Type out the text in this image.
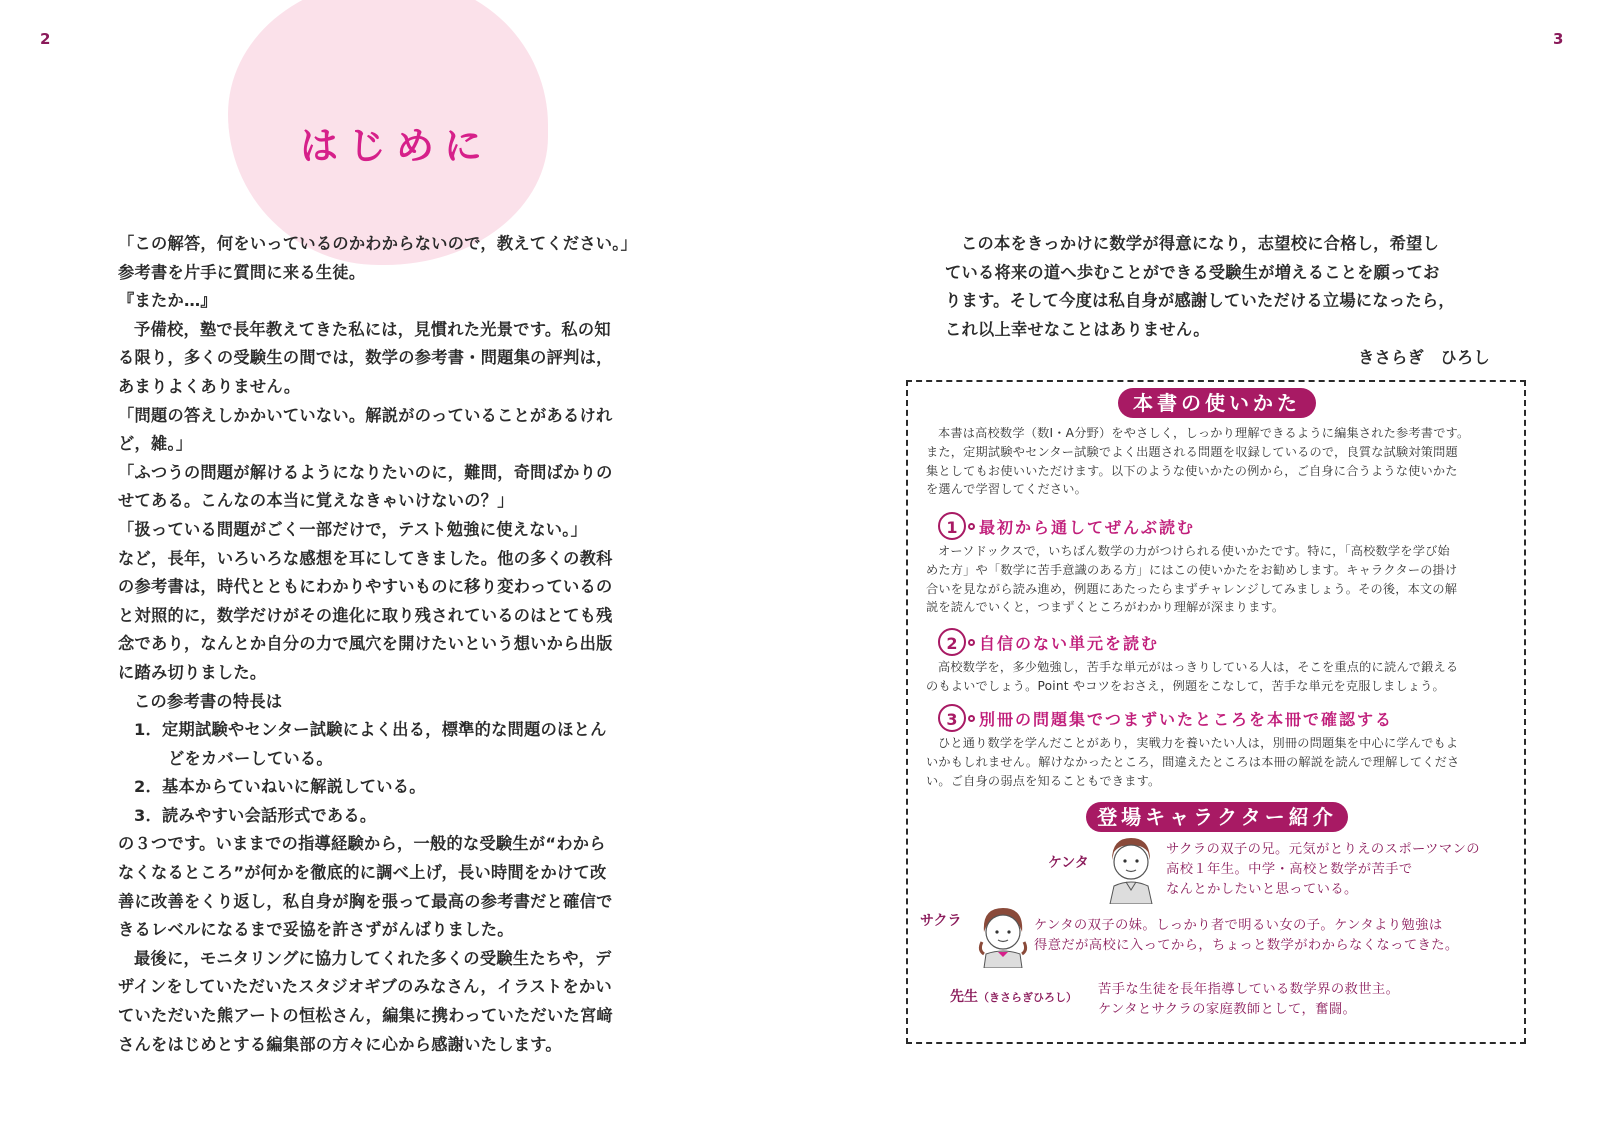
2	3
はじめに

「この解答，何をいっているのかわからないので，教えてください。」

参考書を片手に質問に来る生徒。

『またか…』

予備校，塾で長年教えてきた私には，見慣れた光景です。私の知

る限り，多くの受験生の間では，数学の参考書・問題集の評判は，

あまりよくありません。

「問題の答えしかかいていない。解説がのっていることがあるけれ

ど，雑。」

「ふつうの問題が解けるようになりたいのに，難問，奇問ばかりの

せてある。こんなの本当に覚えなきゃいけないの？」

「扱っている問題がごく一部だけで，テスト勉強に使えない。」

など，長年，いろいろな感想を耳にしてきました。他の多くの教科

の参考書は，時代とともにわかりやすいものに移り変わっているの

と対照的に，数学だけがその進化に取り残されているのはとても残

念であり，なんとか自分の力で風穴を開けたいという想いから出版

に踏み切りました。

この参考書の特長は

1．定期試験やセンター試験によく出る，標準的な問題のほとん

どをカバーしている。

2．基本からていねいに解説している。

3．読みやすい会話形式である。

の３つです。いままでの指導経験から，一般的な受験生が“わから

なくなるところ”が何かを徹底的に調べ上げ，長い時間をかけて改

善に改善をくり返し，私自身が胸を張って最高の参考書だと確信で

きるレベルになるまで妥協を許さずがんばりました。

最後に，モニタリングに協力してくれた多くの受験生たちや，デ

ザインをしていただいたスタジオギブのみなさん，イラストをかい

ていただいた熊アートの恒松さん，編集に携わっていただいた宮﨑

さんをはじめとする編集部の方々に心から感謝いたします。

この本をきっかけに数学が得意になり，志望校に合格し，希望し

ている将来の道へ歩むことができる受験生が増えることを願ってお

ります。そして今度は私自身が感謝していただける立場になったら，

これ以上幸せなことはありません。

きさらぎ　ひろし

本書の使いかた

本書は高校数学（数Ⅰ・A分野）をやさしく，しっかり理解できるように編集された参考書です。

また，定期試験やセンター試験でよく出題される問題を収録しているので，良質な試験対策問題

集としてもお使いいただけます。以下のような使いかたの例から，ご自身に合うような使いかた

を選んで学習してください。

1	最初から通してぜんぶ読む

オーソドックスで，いちばん数学の力がつけられる使いかたです。特に，「高校数学を学び始

めた方」や「数学に苦手意識のある方」にはこの使いかたをお勧めします。キャラクターの掛け

合いを見ながら読み進め，例題にあたったらまずチャレンジしてみましょう。その後，本文の解

説を読んでいくと，つまずくところがわかり理解が深まります。

2	自信のない単元を読む

高校数学を，多少勉強し，苦手な単元がはっきりしている人は，そこを重点的に読んで鍛える

のもよいでしょう。Point やコツをおさえ，例題をこなして，苦手な単元を克服しましょう。

3	別冊の問題集でつまずいたところを本冊で確認する

ひと通り数学を学んだことがあり，実戦力を養いたい人は，別冊の問題集を中心に学んでもよ

いかもしれません。解けなかったところ，間違えたところは本冊の解説を読んで理解してくださ

い。ご自身の弱点を知ることもできます。

登場キャラクター紹介
ケンタ

サクラの双子の兄。元気がとりえのスポーツマンの

高校１年生。中学・高校と数学が苦手で

なんとかしたいと思っている。

サクラ	ケンタの双子の妹。しっかり者で明るい女の子。ケンタより勉強は

得意だが高校に入ってから，ちょっと数学がわからなくなってきた。

先生（きさらぎひろし）

苦手な生徒を長年指導している数学界の救世主。

ケンタとサクラの家庭教師として，奮闘。
